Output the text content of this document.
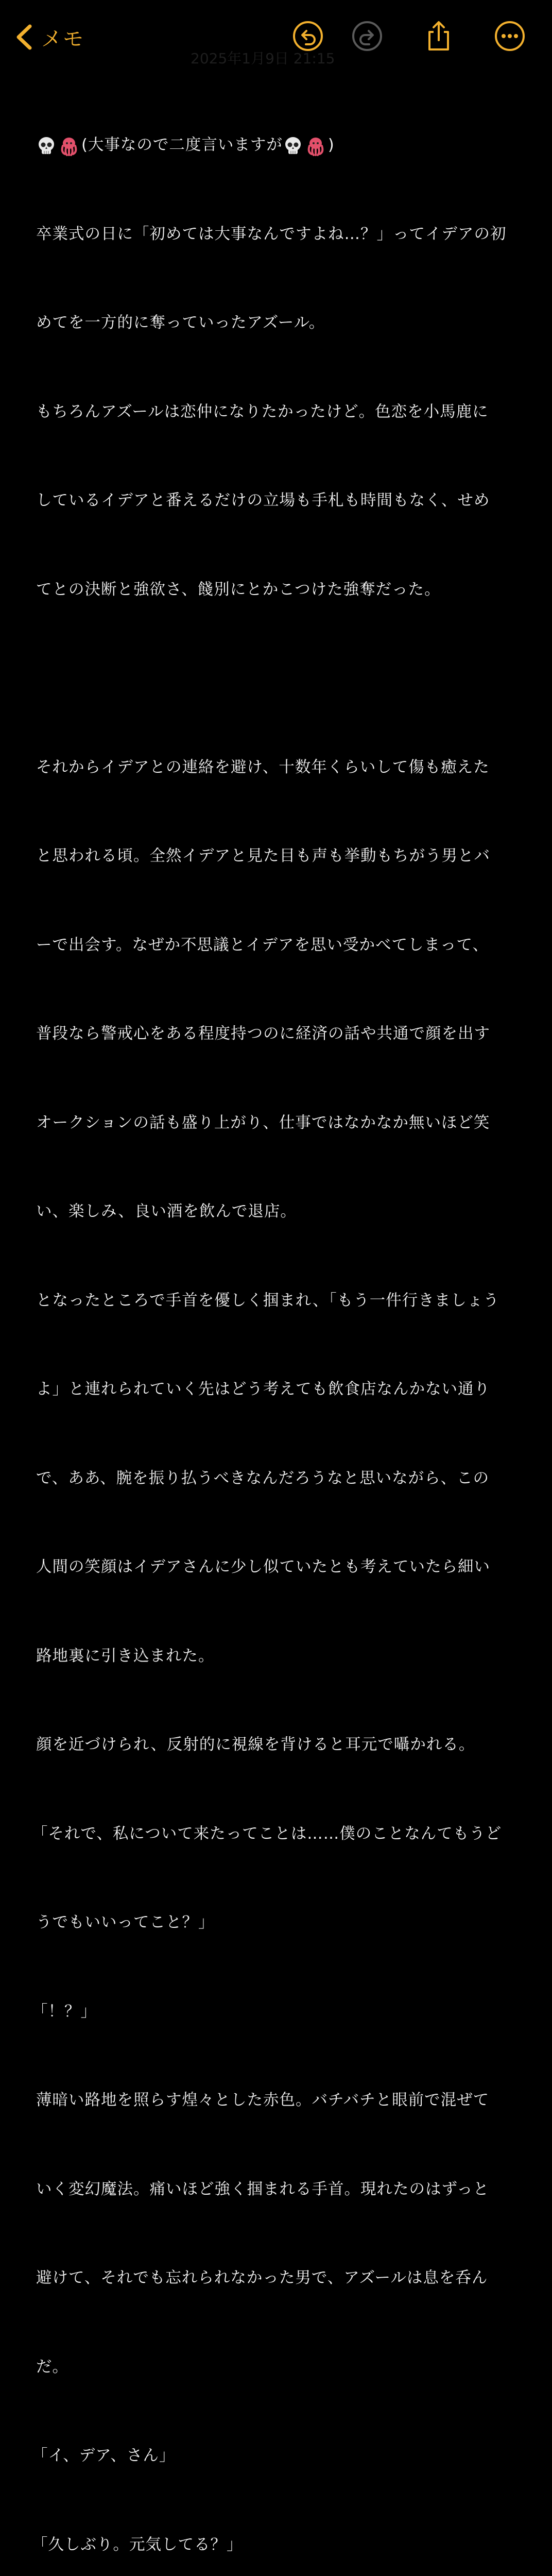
メモ
2025年1月9日 21:15

(大事なので二度言いますが	)

卒業式の日に「初めては大事なんですよね…？」ってイデアの初

めてを一方的に奪っていったアズール。

もちろんアズールは恋仲になりたかったけど。色恋を小馬鹿に

しているイデアと番えるだけの立場も手札も時間もなく、せめ

てとの決断と強欲さ、餞別にとかこつけた強奪だった。

それからイデアとの連絡を避け、十数年くらいして傷も癒えた

と思われる頃。全然イデアと見た目も声も挙動もちがう男とバ

ーで出会す。なぜか不思議とイデアを思い受かべてしまって、

普段なら警戒心をある程度持つのに経済の話や共通で顔を出す

オークションの話も盛り上がり、仕事ではなかなか無いほど笑

い、楽しみ、良い酒を飲んで退店。

となったところで手首を優しく掴まれ、「もう一件行きましょう

よ」と連れられていく先はどう考えても飲食店なんかない通り

で、ああ、腕を振り払うべきなんだろうなと思いながら、この

人間の笑顔はイデアさんに少し似ていたとも考えていたら細い

路地裏に引き込まれた。

顔を近づけられ、反射的に視線を背けると耳元で囁かれる。

「それで、私について来たってことは……僕のことなんてもうど

うでもいいってこと？」

「！？」

薄暗い路地を照らす煌々とした赤色。バチバチと眼前で混ぜて

いく変幻魔法。痛いほど強く掴まれる手首。現れたのはずっと

避けて、それでも忘れられなかった男で、アズールは息を呑ん

だ。

「イ、デア、さん」

「久しぶり。元気してる？」
